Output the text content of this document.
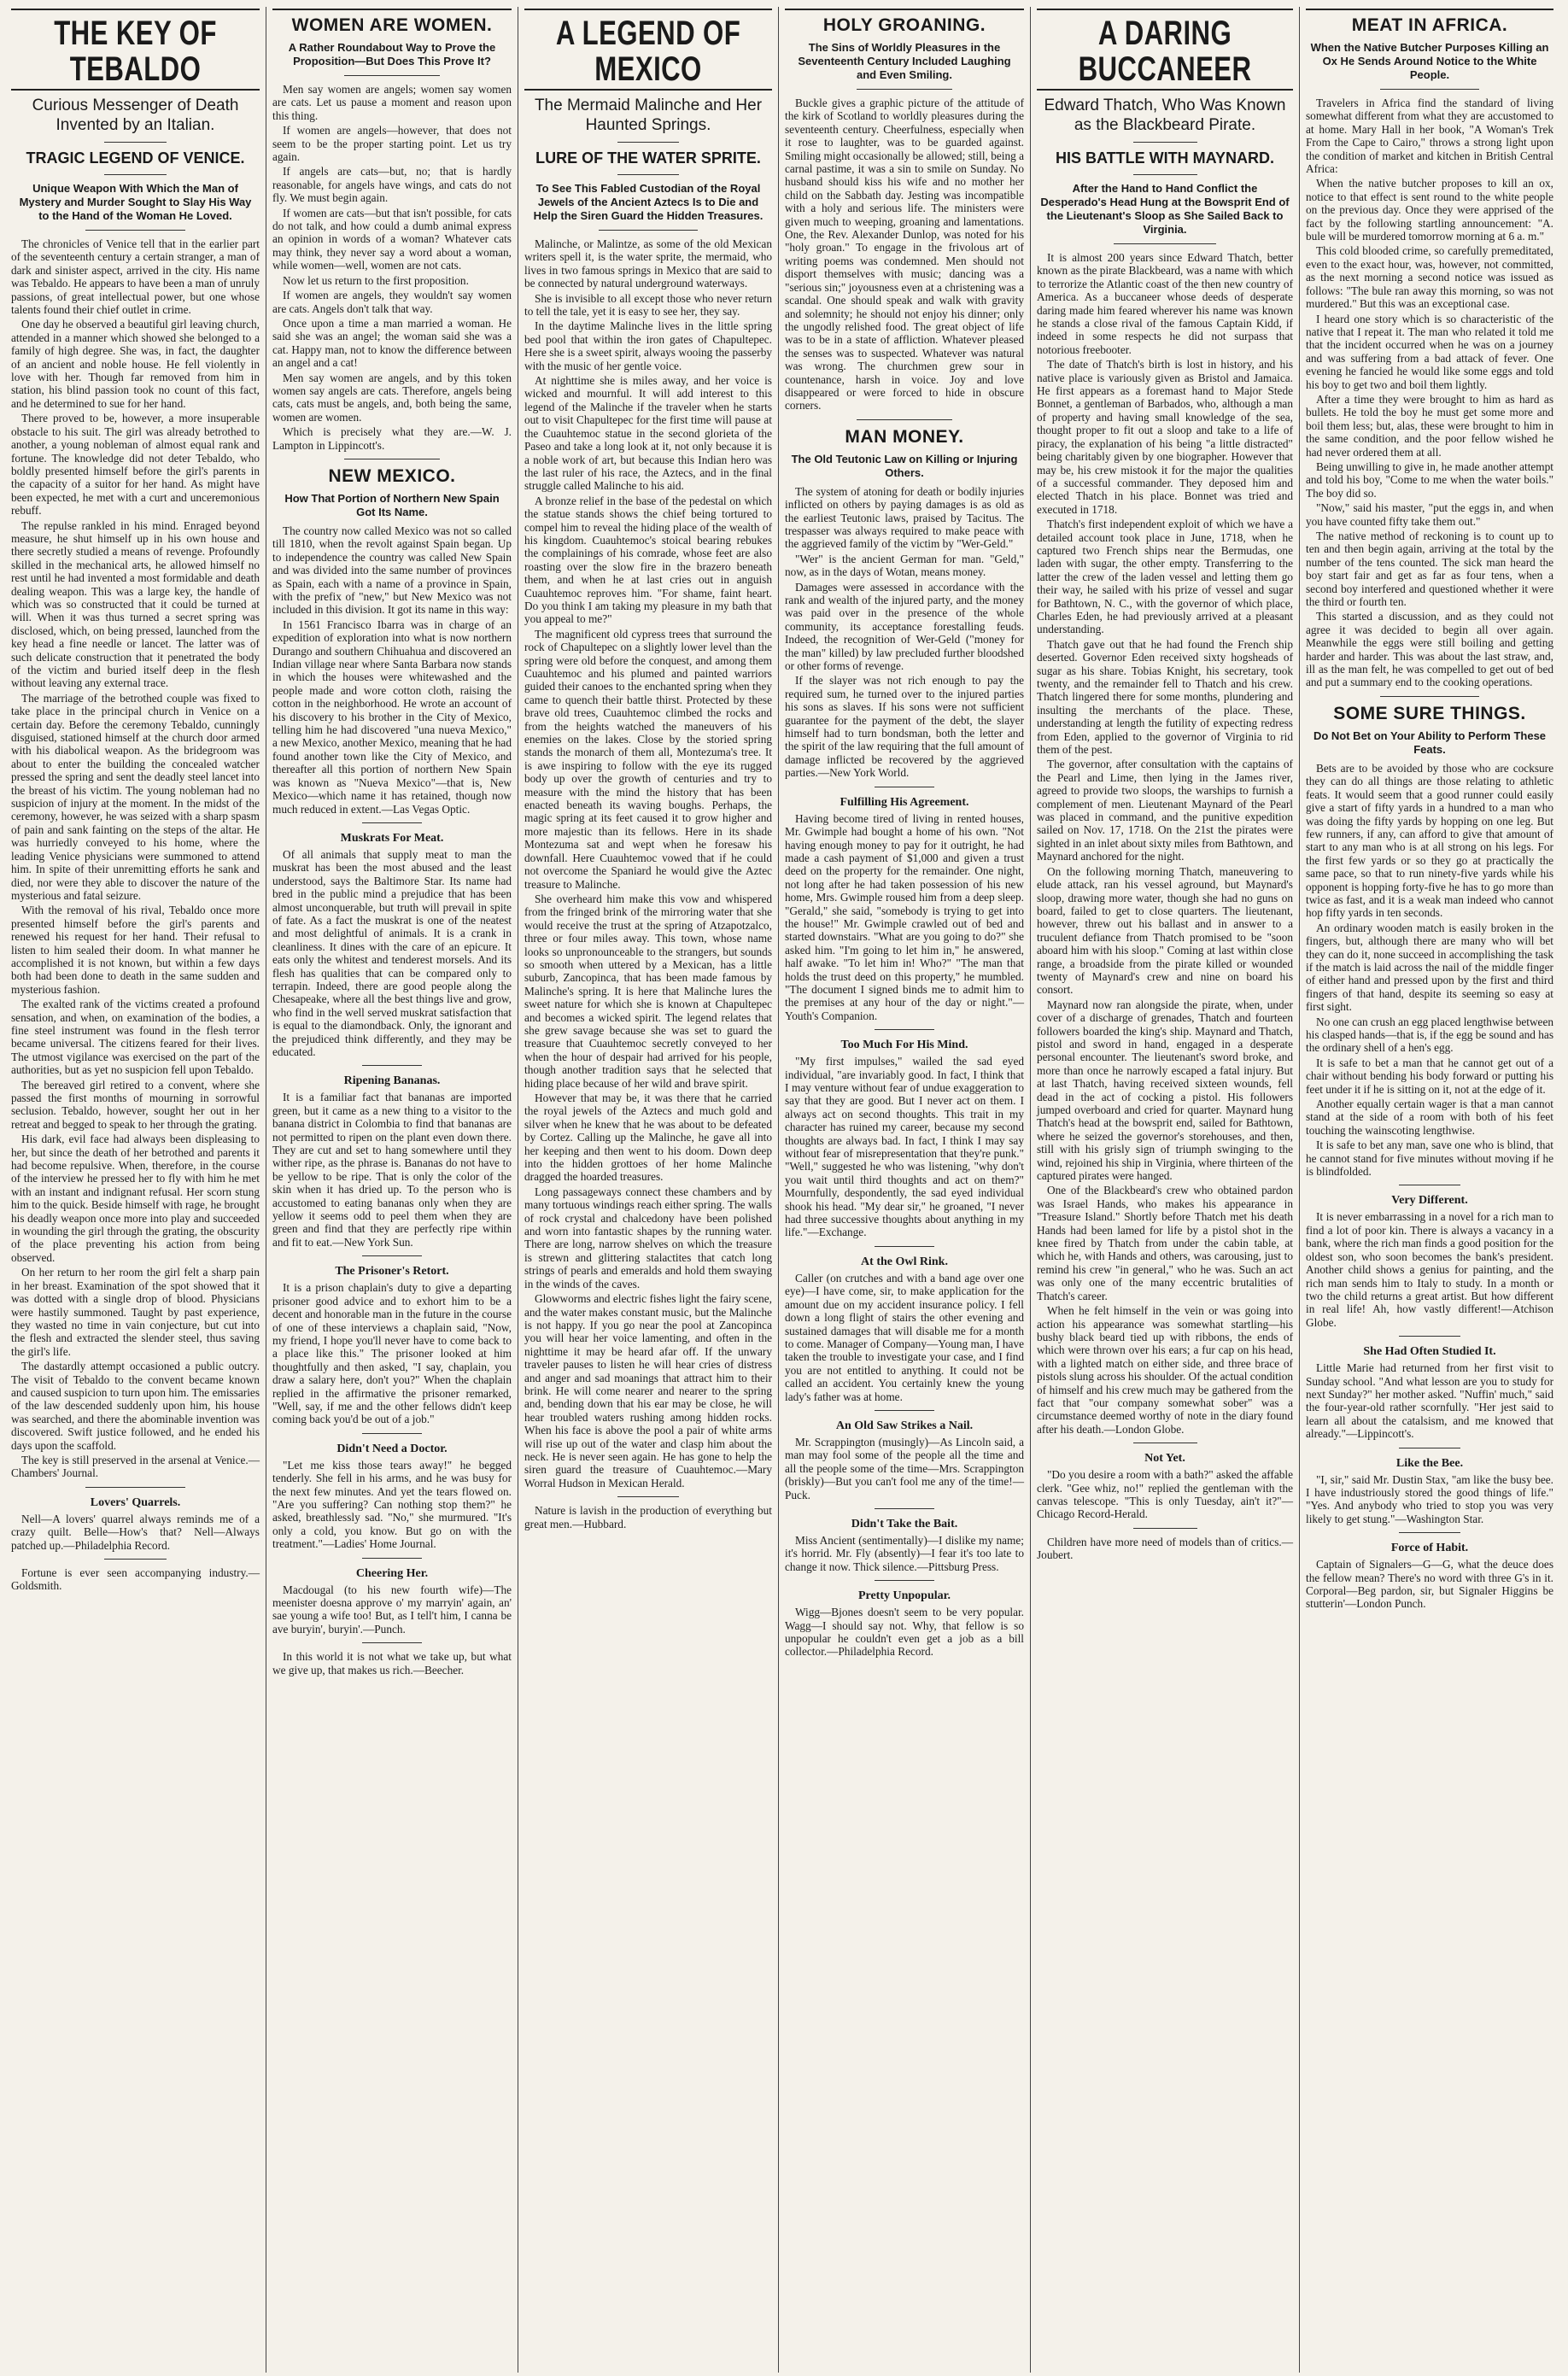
THE KEY OF TEBALDO
Curious Messenger of Death Invented by an Italian.
TRAGIC LEGEND OF VENICE.
Unique Weapon With Which the Man of Mystery and Murder Sought to Slay His Way to the Hand of the Woman He Loved.

The chronicles of Venice tell that in the earlier part of the seventeenth century a certain stranger, a man of dark and sinister aspect, arrived in the city. His name was Tebaldo. He appears to have been a man of unruly passions, of great intellectual power, but one whose talents found their chief outlet in crime.

One day he observed a beautiful girl leaving church, attended in a manner which showed she belonged to a family of high degree. She was, in fact, the daughter of an ancient and noble house. He fell violently in love with her. Though far removed from him in station, his blind passion took no count of this fact, and he determined to sue for her hand.

There proved to be, however, a more insuperable obstacle to his suit. The girl was already betrothed to another, a young nobleman of almost equal rank and fortune. The knowledge did not deter Tebaldo, who boldly presented himself before the girl's parents in the capacity of a suitor for her hand. As might have been expected, he met with a curt and unceremonious rebuff.

The repulse rankled in his mind. Enraged beyond measure, he shut himself up in his own house and there secretly studied a means of revenge. Profoundly skilled in the mechanical arts, he allowed himself no rest until he had invented a most formidable and death dealing weapon. This was a large key, the handle of which was so constructed that it could be turned at will. When it was thus turned a secret spring was disclosed, which, on being pressed, launched from the key head a fine needle or lancet. The latter was of such delicate construction that it penetrated the body of the victim and buried itself deep in the flesh without leaving any external trace.

The marriage of the betrothed couple was fixed to take place in the principal church in Venice on a certain day. Before the ceremony Tebaldo, cunningly disguised, stationed himself at the church door armed with his diabolical weapon. As the bridegroom was about to enter the building the concealed watcher pressed the spring and sent the deadly steel lancet into the breast of his victim. The young nobleman had no suspicion of injury at the moment. In the midst of the ceremony, however, he was seized with a sharp spasm of pain and sank fainting on the steps of the altar. He was hurriedly conveyed to his home, where the leading Venice physicians were summoned to attend him. In spite of their unremitting efforts he sank and died, nor were they able to discover the nature of the mysterious and fatal seizure.

With the removal of his rival, Tebaldo once more presented himself before the girl's parents and renewed his request for her hand. Their refusal to listen to him sealed their doom. In what manner he accomplished it is not known, but within a few days both had been done to death in the same sudden and mysterious fashion.

The exalted rank of the victims created a profound sensation, and when, on examination of the bodies, a fine steel instrument was found in the flesh terror became universal. The citizens feared for their lives. The utmost vigilance was exercised on the part of the authorities, but as yet no suspicion fell upon Tebaldo.

The bereaved girl retired to a convent, where she passed the first months of mourning in sorrowful seclusion. Tebaldo, however, sought her out in her retreat and begged to speak to her through the grating.

His dark, evil face had always been displeasing to her, but since the death of her betrothed and parents it had become repulsive. When, therefore, in the course of the interview he pressed her to fly with him he met with an instant and indignant refusal. Her scorn stung him to the quick. Beside himself with rage, he brought his deadly weapon once more into play and succeeded in wounding the girl through the grating, the obscurity of the place preventing his action from being observed.

On her return to her room the girl felt a sharp pain in her breast. Examination of the spot showed that it was dotted with a single drop of blood. Physicians were hastily summoned. Taught by past experience, they wasted no time in vain conjecture, but cut into the flesh and extracted the slender steel, thus saving the girl's life.

The dastardly attempt occasioned a public outcry. The visit of Tebaldo to the convent became known and caused suspicion to turn upon him. The emissaries of the law descended suddenly upon him, his house was searched, and there the abominable invention was discovered. Swift justice followed, and he ended his days upon the scaffold.

The key is still preserved in the arsenal at Venice.—Chambers' Journal.

Lovers' Quarrels.

Nell—A lovers' quarrel always reminds me of a crazy quilt. Belle—How's that? Nell—Always patched up.—Philadelphia Record.

Fortune is ever seen accompanying industry.—Goldsmith.

WOMEN ARE WOMEN.
A Rather Roundabout Way to Prove the Proposition—But Does This Prove It?

Men say women are angels; women say women are cats. Let us pause a moment and reason upon this thing.

If women are angels—however, that does not seem to be the proper starting point. Let us try again.

If angels are cats—but, no; that is hardly reasonable, for angels have wings, and cats do not fly. We must begin again.

If women are cats—but that isn't possible, for cats do not talk, and how could a dumb animal express an opinion in words of a woman? Whatever cats may think, they never say a word about a woman, while women—well, women are not cats.

Now let us return to the first proposition.

If women are angels, they wouldn't say women are cats. Angels don't talk that way.

Once upon a time a man married a woman. He said she was an angel; the woman said she was a cat. Happy man, not to know the difference between an angel and a cat!

Men say women are angels, and by this token women say angels are cats. Therefore, angels being cats, cats must be angels, and, both being the same, women are women.

Which is precisely what they are.—W. J. Lampton in Lippincott's.

NEW MEXICO.
How That Portion of Northern New Spain Got Its Name.

The country now called Mexico was not so called till 1810, when the revolt against Spain began. Up to independence the country was called New Spain and was divided into the same number of provinces as Spain, each with a name of a province in Spain, with the prefix of "new," but New Mexico was not included in this division. It got its name in this way:

In 1561 Francisco Ibarra was in charge of an expedition of exploration into what is now northern Durango and southern Chihuahua and discovered an Indian village near where Santa Barbara now stands in which the houses were whitewashed and the people made and wore cotton cloth, raising the cotton in the neighborhood. He wrote an account of his discovery to his brother in the City of Mexico, telling him he had discovered "una nueva Mexico," a new Mexico, another Mexico, meaning that he had found another town like the City of Mexico, and thereafter all this portion of northern New Spain was known as "Nueva Mexico"—that is, New Mexico—which name it has retained, though now much reduced in extent.—Las Vegas Optic.

Muskrats For Meat.

Of all animals that supply meat to man the muskrat has been the most abused and the least understood, says the Baltimore Star. Its name had bred in the public mind a prejudice that has been almost unconquerable, but truth will prevail in spite of fate. As a fact the muskrat is one of the neatest and most delightful of animals. It is a crank in cleanliness. It dines with the care of an epicure. It eats only the whitest and tenderest morsels. And its flesh has qualities that can be compared only to terrapin. Indeed, there are good people along the Chesapeake, where all the best things live and grow, who find in the well served muskrat satisfaction that is equal to the diamondback. Only, the ignorant and the prejudiced think differently, and they may be educated.

Ripening Bananas.

It is a familiar fact that bananas are imported green, but it came as a new thing to a visitor to the banana district in Colombia to find that bananas are not permitted to ripen on the plant even down there. They are cut and set to hang somewhere until they wither ripe, as the phrase is. Bananas do not have to be yellow to be ripe. That is only the color of the skin when it has dried up. To the person who is accustomed to eating bananas only when they are yellow it seems odd to peel them when they are green and find that they are perfectly ripe within and fit to eat.—New York Sun.

The Prisoner's Retort.

It is a prison chaplain's duty to give a departing prisoner good advice and to exhort him to be a decent and honorable man in the future in the course of one of these interviews a chaplain said, "Now, my friend, I hope you'll never have to come back to a place like this." The prisoner looked at him thoughtfully and then asked, "I say, chaplain, you draw a salary here, don't you?" When the chaplain replied in the affirmative the prisoner remarked, "Well, say, if me and the other fellows didn't keep coming back you'd be out of a job."

Didn't Need a Doctor.

"Let me kiss those tears away!" he begged tenderly. She fell in his arms, and he was busy for the next few minutes. And yet the tears flowed on. "Are you suffering? Can nothing stop them?" he asked, breathlessly sad. "No," she murmured. "It's only a cold, you know. But go on with the treatment."—Ladies' Home Journal.

Cheering Her.

Macdougal (to his new fourth wife)—The meenister doesna approve o' my marryin' again, an' sae young a wife too! But, as I tell't him, I canna be ave buryin', buryin'.—Punch.

In this world it is not what we take up, but what we give up, that makes us rich.—Beecher.

A LEGEND OF MEXICO
The Mermaid Malinche and Her Haunted Springs.
LURE OF THE WATER SPRITE.
To See This Fabled Custodian of the Royal Jewels of the Ancient Aztecs Is to Die and Help the Siren Guard the Hidden Treasures.

Malinche, or Malintze, as some of the old Mexican writers spell it, is the water sprite, the mermaid, who lives in two famous springs in Mexico that are said to be connected by natural underground waterways.

She is invisible to all except those who never return to tell the tale, yet it is easy to see her, they say.

In the daytime Malinche lives in the little spring bed pool that within the iron gates of Chapultepec. Here she is a sweet spirit, always wooing the passerby with the music of her gentle voice.

At nighttime she is miles away, and her voice is wicked and mournful. It will add interest to this legend of the Malinche if the traveler when he starts out to visit Chapultepec for the first time will pause at the Cuauhtemoc statue in the second glorieta of the Paseo and take a long look at it, not only because it is a noble work of art, but because this Indian hero was the last ruler of his race, the Aztecs, and in the final struggle called Malinche to his aid.

A bronze relief in the base of the pedestal on which the statue stands shows the chief being tortured to compel him to reveal the hiding place of the wealth of his kingdom. Cuauhtemoc's stoical bearing rebukes the complainings of his comrade, whose feet are also roasting over the slow fire in the brazero beneath them, and when he at last cries out in anguish Cuauhtemoc reproves him. "For shame, faint heart. Do you think I am taking my pleasure in my bath that you appeal to me?"

The magnificent old cypress trees that surround the rock of Chapultepec on a slightly lower level than the spring were old before the conquest, and among them Cuauhtemoc and his plumed and painted warriors guided their canoes to the enchanted spring when they came to quench their battle thirst. Protected by these brave old trees, Cuauhtemoc climbed the rocks and from the heights watched the maneuvers of his enemies on the lakes. Close by the storied spring stands the monarch of them all, Montezuma's tree. It is awe inspiring to follow with the eye its rugged body up over the growth of centuries and try to measure with the mind the history that has been enacted beneath its waving boughs. Perhaps, the magic spring at its feet caused it to grow higher and more majestic than its fellows. Here in its shade Montezuma sat and wept when he foresaw his downfall. Here Cuauhtemoc vowed that if he could not overcome the Spaniard he would give the Aztec treasure to Malinche.

She overheard him make this vow and whispered from the fringed brink of the mirroring water that she would receive the trust at the spring of Atzapotzalco, three or four miles away. This town, whose name looks so unpronounceable to the strangers, but sounds so smooth when uttered by a Mexican, has a little suburb, Zancopinca, that has been made famous by Malinche's spring. It is here that Malinche lures the sweet nature for which she is known at Chapultepec and becomes a wicked spirit. The legend relates that she grew savage because she was set to guard the treasure that Cuauhtemoc secretly conveyed to her when the hour of despair had arrived for his people, though another tradition says that he selected that hiding place because of her wild and brave spirit.

However that may be, it was there that he carried the royal jewels of the Aztecs and much gold and silver when he knew that he was about to be defeated by Cortez. Calling up the Malinche, he gave all into her keeping and then went to his doom. Down deep into the hidden grottoes of her home Malinche dragged the hoarded treasures.

Long passageways connect these chambers and by many tortuous windings reach either spring. The walls of rock crystal and chalcedony have been polished and worn into fantastic shapes by the running water. There are long, narrow shelves on which the treasure is strewn and glittering stalactites that catch long strings of pearls and emeralds and hold them swaying in the winds of the caves.

Glowworms and electric fishes light the fairy scene, and the water makes constant music, but the Malinche is not happy. If you go near the pool at Zancopinca you will hear her voice lamenting, and often in the nighttime it may be heard afar off. If the unwary traveler pauses to listen he will hear cries of distress and anger and sad moanings that attract him to their brink. He will come nearer and nearer to the spring and, bending down that his ear may be close, he will hear troubled waters rushing among hidden rocks. When his face is above the pool a pair of white arms will rise up out of the water and clasp him about the neck. He is never seen again. He has gone to help the siren guard the treasure of Cuauhtemoc.—Mary Worral Hudson in Mexican Herald.

Nature is lavish in the production of everything but great men.—Hubbard.

HOLY GROANING.
The Sins of Worldly Pleasures in the Seventeenth Century Included Laughing and Even Smiling.

Buckle gives a graphic picture of the attitude of the kirk of Scotland to worldly pleasures during the seventeenth century. Cheerfulness, especially when it rose to laughter, was to be guarded against. Smiling might occasionally be allowed; still, being a carnal pastime, it was a sin to smile on Sunday. No husband should kiss his wife and no mother her child on the Sabbath day. Jesting was incompatible with a holy and serious life. The ministers were given much to weeping, groaning and lamentations. One, the Rev. Alexander Dunlop, was noted for his "holy groan." To engage in the frivolous art of writing poems was condemned. Men should not disport themselves with music; dancing was a "serious sin;" joyousness even at a christening was a scandal. One should speak and walk with gravity and solemnity; he should not enjoy his dinner; only the ungodly relished food. The great object of life was to be in a state of affliction. Whatever pleased the senses was to suspected. Whatever was natural was wrong. The churchmen grew sour in countenance, harsh in voice. Joy and love disappeared or were forced to hide in obscure corners.

MAN MONEY.
The Old Teutonic Law on Killing or Injuring Others.

The system of atoning for death or bodily injuries inflicted on others by paying damages is as old as the earliest Teutonic laws, praised by Tacitus. The trespasser was always required to make peace with the aggrieved family of the victim by "Wer-Geld."

"Wer" is the ancient German for man. "Geld," now, as in the days of Wotan, means money.

Damages were assessed in accordance with the rank and wealth of the injured party, and the money was paid over in the presence of the whole community, its acceptance forestalling feuds. Indeed, the recognition of Wer-Geld ("money for the man" killed) by law precluded further bloodshed or other forms of revenge.

If the slayer was not rich enough to pay the required sum, he turned over to the injured parties his sons as slaves. If his sons were not sufficient guarantee for the payment of the debt, the slayer himself had to turn bondsman, both the letter and the spirit of the law requiring that the full amount of damage inflicted be recovered by the aggrieved parties.—New York World.

Fulfilling His Agreement.

Having become tired of living in rented houses, Mr. Gwimple had bought a home of his own. "Not having enough money to pay for it outright, he had made a cash payment of $1,000 and given a trust deed on the property for the remainder. One night, not long after he had taken possession of his new home, Mrs. Gwimple roused him from a deep sleep. "Gerald," she said, "somebody is trying to get into the house!" Mr. Gwimple crawled out of bed and started downstairs. "What are you going to do?" she asked him. "I'm going to let him in," he answered, half awake. "To let him in! Who?" "The man that holds the trust deed on this property," he mumbled. "The document I signed binds me to admit him to the premises at any hour of the day or night."—Youth's Companion.

Too Much For His Mind.

"My first impulses," wailed the sad eyed individual, "are invariably good. In fact, I think that I may venture without fear of undue exaggeration to say that they are good. But I never act on them. I always act on second thoughts. This trait in my character has ruined my career, because my second thoughts are always bad. In fact, I think I may say without fear of misrepresentation that they're punk." "Well," suggested he who was listening, "why don't you wait until third thoughts and act on them?" Mournfully, despondently, the sad eyed individual shook his head. "My dear sir," he groaned, "I never had three successive thoughts about anything in my life."—Exchange.

At the Owl Rink.

Caller (on crutches and with a band age over one eye)—I have come, sir, to make application for the amount due on my accident insurance policy. I fell down a long flight of stairs the other evening and sustained damages that will disable me for a month to come. Manager of Company—Young man, I have taken the trouble to investigate your case, and I find you are not entitled to anything. It could not be called an accident. You certainly knew the young lady's father was at home.

An Old Saw Strikes a Nail.

Mr. Scrappington (musingly)—As Lincoln said, a man may fool some of the people all the time and all the people some of the time—Mrs. Scrappington (briskly)—But you can't fool me any of the time!—Puck.

Didn't Take the Bait.

Miss Ancient (sentimentally)—I dislike my name; it's horrid. Mr. Fly (absently)—I fear it's too late to change it now. Thick silence.—Pittsburg Press.

Pretty Unpopular.

Wigg—Bjones doesn't seem to be very popular. Wagg—I should say not. Why, that fellow is so unpopular he couldn't even get a job as a bill collector.—Philadelphia Record.

A DARING BUCCANEER
Edward Thatch, Who Was Known as the Blackbeard Pirate.
HIS BATTLE WITH MAYNARD.
After the Hand to Hand Conflict the Desperado's Head Hung at the Bowsprit End of the Lieutenant's Sloop as She Sailed Back to Virginia.

It is almost 200 years since Edward Thatch, better known as the pirate Blackbeard, was a name with which to terrorize the Atlantic coast of the then new country of America. As a buccaneer whose deeds of desperate daring made him feared wherever his name was known he stands a close rival of the famous Captain Kidd, if indeed in some respects he did not surpass that notorious freebooter.

The date of Thatch's birth is lost in history, and his native place is variously given as Bristol and Jamaica. He first appears as a foremast hand to Major Stede Bonnet, a gentleman of Barbados, who, although a man of property and having small knowledge of the sea, thought proper to fit out a sloop and take to a life of piracy, the explanation of his being "a little distracted" being charitably given by one biographer. However that may be, his crew mistook it for the major the qualities of a successful commander. They deposed him and elected Thatch in his place. Bonnet was tried and executed in 1718.

Thatch's first independent exploit of which we have a detailed account took place in June, 1718, when he captured two French ships near the Bermudas, one laden with sugar, the other empty. Transferring to the latter the crew of the laden vessel and letting them go their way, he sailed with his prize of vessel and sugar for Bathtown, N. C., with the governor of which place, Charles Eden, he had previously arrived at a pleasant understanding.

Thatch gave out that he had found the French ship deserted. Governor Eden received sixty hogsheads of sugar as his share. Tobias Knight, his secretary, took twenty, and the remainder fell to Thatch and his crew. Thatch lingered there for some months, plundering and insulting the merchants of the place. These, understanding at length the futility of expecting redress from Eden, applied to the governor of Virginia to rid them of the pest.

The governor, after consultation with the captains of the Pearl and Lime, then lying in the James river, agreed to provide two sloops, the warships to furnish a complement of men. Lieutenant Maynard of the Pearl was placed in command, and the punitive expedition sailed on Nov. 17, 1718. On the 21st the pirates were sighted in an inlet about sixty miles from Bathtown, and Maynard anchored for the night.

On the following morning Thatch, maneuvering to elude attack, ran his vessel aground, but Maynard's sloop, drawing more water, though she had no guns on board, failed to get to close quarters. The lieutenant, however, threw out his ballast and in answer to a truculent defiance from Thatch promised to be "soon aboard him with his sloop." Coming at last within close range, a broadside from the pirate killed or wounded twenty of Maynard's crew and nine on board his consort.

Maynard now ran alongside the pirate, when, under cover of a discharge of grenades, Thatch and fourteen followers boarded the king's ship. Maynard and Thatch, pistol and sword in hand, engaged in a desperate personal encounter. The lieutenant's sword broke, and more than once he narrowly escaped a fatal injury. But at last Thatch, having received sixteen wounds, fell dead in the act of cocking a pistol. His followers jumped overboard and cried for quarter. Maynard hung Thatch's head at the bowsprit end, sailed for Bathtown, where he seized the governor's storehouses, and then, still with his grisly sign of triumph swinging to the wind, rejoined his ship in Virginia, where thirteen of the captured pirates were hanged.

One of the Blackbeard's crew who obtained pardon was Israel Hands, who makes his appearance in "Treasure Island." Shortly before Thatch met his death Hands had been lamed for life by a pistol shot in the knee fired by Thatch from under the cabin table, at which he, with Hands and others, was carousing, just to remind his crew "in general," who he was. Such an act was only one of the many eccentric brutalities of Thatch's career.

When he felt himself in the vein or was going into action his appearance was somewhat startling—his bushy black beard tied up with ribbons, the ends of which were thrown over his ears; a fur cap on his head, with a lighted match on either side, and three brace of pistols slung across his shoulder. Of the actual condition of himself and his crew much may be gathered from the fact that "our company somewhat sober" was a circumstance deemed worthy of note in the diary found after his death.—London Globe.

Not Yet.

"Do you desire a room with a bath?" asked the affable clerk. "Gee whiz, no!" replied the gentleman with the canvas telescope. "This is only Tuesday, ain't it?"—Chicago Record-Herald.

Children have more need of models than of critics.—Joubert.

MEAT IN AFRICA.
When the Native Butcher Purposes Killing an Ox He Sends Around Notice to the White People.

Travelers in Africa find the standard of living somewhat different from what they are accustomed to at home. Mary Hall in her book, "A Woman's Trek From the Cape to Cairo," throws a strong light upon the condition of market and kitchen in British Central Africa:

When the native butcher proposes to kill an ox, notice to that effect is sent round to the white people on the previous day. Once they were apprised of the fact by the following startling announcement: "A. bule will be murdered tomorrow morning at 6 a. m."

This cold blooded crime, so carefully premeditated, even to the exact hour, was, however, not committed, as the next morning a second notice was issued as follows: "The bule ran away this morning, so was not murdered." But this was an exceptional case.

I heard one story which is so characteristic of the native that I repeat it. The man who related it told me that the incident occurred when he was on a journey and was suffering from a bad attack of fever. One evening he fancied he would like some eggs and told his boy to get two and boil them lightly.

After a time they were brought to him as hard as bullets. He told the boy he must get some more and boil them less; but, alas, these were brought to him in the same condition, and the poor fellow wished he had never ordered them at all.

Being unwilling to give in, he made another attempt and told his boy, "Come to me when the water boils." The boy did so.

"Now," said his master, "put the eggs in, and when you have counted fifty take them out."

The native method of reckoning is to count up to ten and then begin again, arriving at the total by the number of the tens counted. The sick man heard the boy start fair and get as far as four tens, when a second boy interfered and questioned whether it were the third or fourth ten.

This started a discussion, and as they could not agree it was decided to begin all over again. Meanwhile the eggs were still boiling and getting harder and harder. This was about the last straw, and, ill as the man felt, he was compelled to get out of bed and put a summary end to the cooking operations.

SOME SURE THINGS.
Do Not Bet on Your Ability to Perform These Feats.

Bets are to be avoided by those who are cocksure they can do all things are those relating to athletic feats. It would seem that a good runner could easily give a start of fifty yards in a hundred to a man who was doing the fifty yards by hopping on one leg. But few runners, if any, can afford to give that amount of start to any man who is at all strong on his legs. For the first few yards or so they go at practically the same pace, so that to run ninety-five yards while his opponent is hopping forty-five he has to go more than twice as fast, and it is a weak man indeed who cannot hop fifty yards in ten seconds.

An ordinary wooden match is easily broken in the fingers, but, although there are many who will bet they can do it, none succeed in accomplishing the task if the match is laid across the nail of the middle finger of either hand and pressed upon by the first and third fingers of that hand, despite its seeming so easy at first sight.

No one can crush an egg placed lengthwise between his clasped hands—that is, if the egg be sound and has the ordinary shell of a hen's egg.

It is safe to bet a man that he cannot get out of a chair without bending his body forward or putting his feet under it if he is sitting on it, not at the edge of it.

Another equally certain wager is that a man cannot stand at the side of a room with both of his feet touching the wainscoting lengthwise.

It is safe to bet any man, save one who is blind, that he cannot stand for five minutes without moving if he is blindfolded.

Very Different.

It is never embarrassing in a novel for a rich man to find a lot of poor kin. There is always a vacancy in a bank, where the rich man finds a good position for the oldest son, who soon becomes the bank's president. Another child shows a genius for painting, and the rich man sends him to Italy to study. In a month or two the child returns a great artist. But how different in real life! Ah, how vastly different!—Atchison Globe.

She Had Often Studied It.

Little Marie had returned from her first visit to Sunday school. "And what lesson are you to study for next Sunday?" her mother asked. "Nuffin' much," said the four-year-old rather scornfully. "Her jest said to learn all about the catalsism, and me knowed that already."—Lippincott's.

Like the Bee.

"I, sir," said Mr. Dustin Stax, "am like the busy bee. I have industriously stored the good things of life." "Yes. And anybody who tried to stop you was very likely to get stung."—Washington Star.

Force of Habit.

Captain of Signalers—G—G, what the deuce does the fellow mean? There's no word with three G's in it. Corporal—Beg pardon, sir, but Signaler Higgins be stutterin'—London Punch.
